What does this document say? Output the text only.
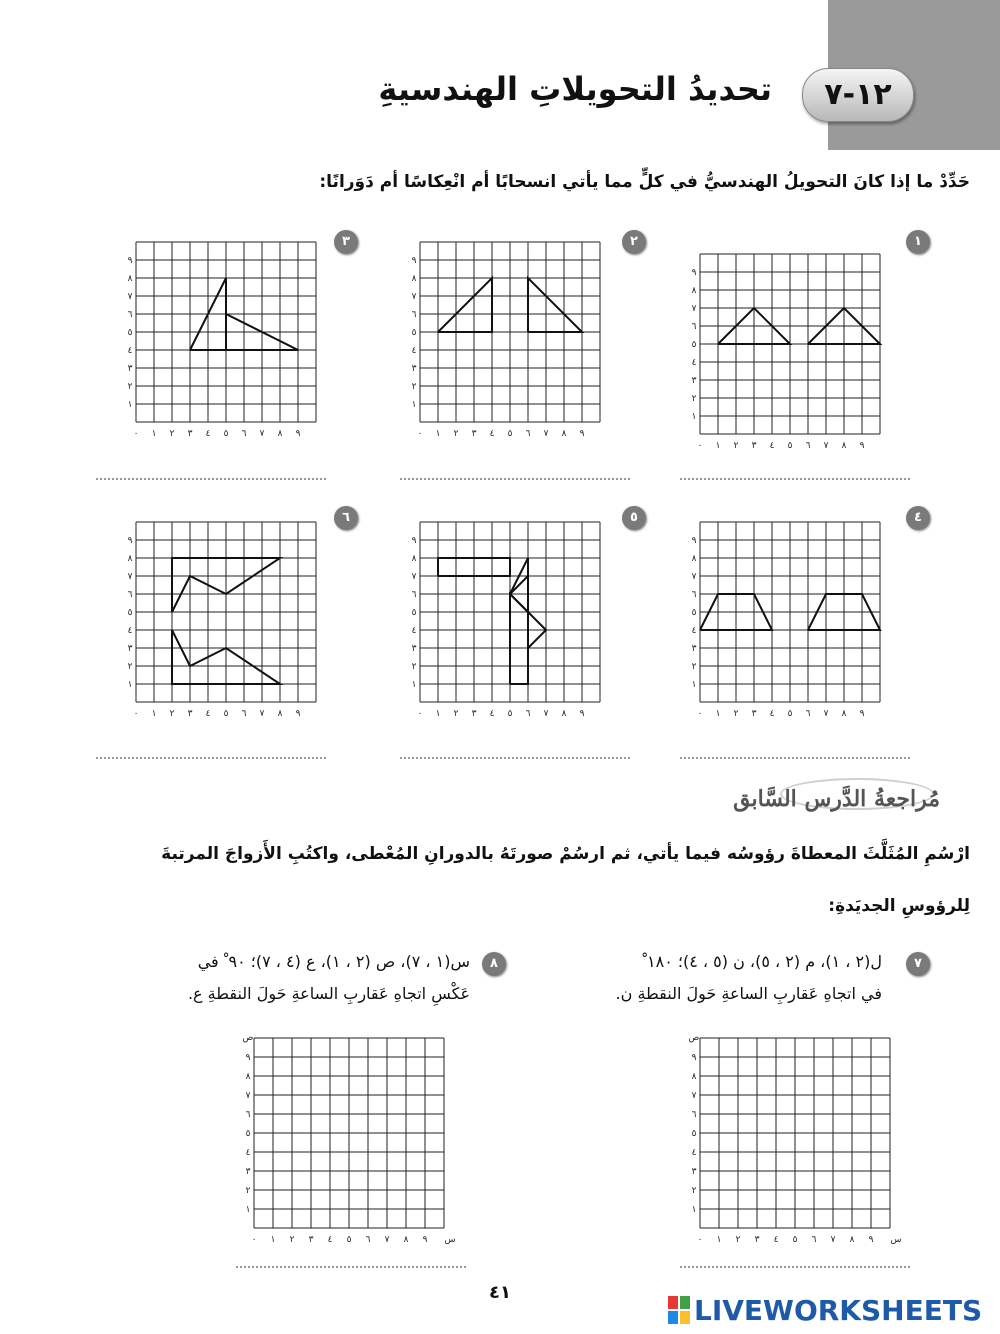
١٢-٧
تحديدُ التحويلاتِ الهندسيةِ
حَدِّدْ ما إذا كانَ التحويلُ الهندسيُّ في كلٍّ مما يأتي انسحابًا أم انْعِكاسًا أم دَوَرانًا:
٠ ١
١
٢
٢
٣
٣
٤
٤
٥
٥
٦
٦
٧
٧
٨
٨
٩
٩
٠ ١
١
٢
٢
٣
٣
٤
٤
٥
٥
٦
٦
٧
٧
٨
٨
٩
٩
٠ ١
١
٢
٢
٣
٣
٤
٤
٥
٥
٦
٦
٧
٧
٨
٨
٩
٩
٠ ١
١
٢
٢
٣
٣
٤
٤
٥
٥
٦
٦
٧
٧
٨
٨
٩
٩
٠ ١
١
٢
٢
٣
٣
٤
٤
٥
٥
٦
٦
٧
٧
٨
٨
٩
٩
٠ ١
١
٢
٢
٣
٣
٤
٤
٥
٥
٦
٦
٧
٧
٨
٨
٩
٩
١
٢
٣
٤
٥
٦
مُراجعةُ الدَّرس السَّابق
ارْسُمِ المُثَلَّثَ المعطاةَ رؤوسُه فيما يأتي، ثم ارسُمْ صورتَهُ بالدورانِ المُعْطى، واكتُبِ الأَزواجَ المرتبةَ
لِلرؤوسِ الجديَدةِ:
٧
ل(٢ ، ١)، م (٢ ، ٥)، ن (٥ ، ٤)؛ ١٨٠ ْ
في اتجاهِ عَقاربِ الساعةِ حَولَ النقطةِ ن.
٨
س(١ ، ٧)، ص (٢ ، ١)، ع (٤ ، ٧)؛ ٩٠ ْ في
عَكْسِ اتجاهِ عَقاربِ الساعةِ حَولَ النقطةِ ع.
٠ ١
١
٢
٢
٣
٣
٤
٤
٥
٥
٦
٦
٧
٧
٨
٨
٩
٩
س
ص
٠ ١
١
٢
٢
٣
٣
٤
٤
٥
٥
٦
٦
٧
٧
٨
٨
٩
٩
س
ص
٤١
LIVEWORKSHEETS
